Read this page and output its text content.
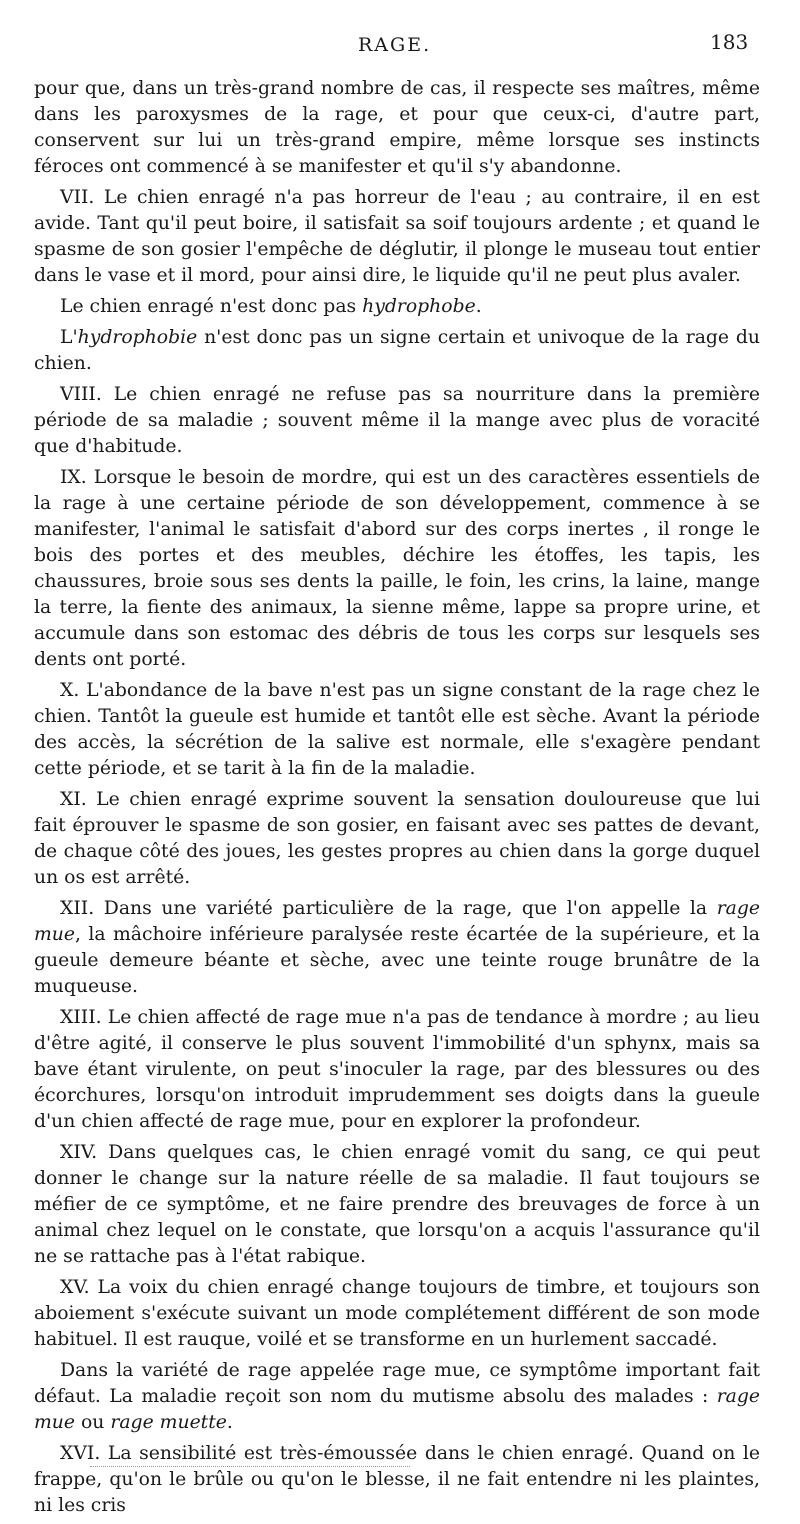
RAGE.	183

pour que, dans un très-grand nombre de cas, il respecte ses maîtres, même dans les paroxysmes de la rage, et pour que ceux-ci, d'autre part, conservent sur lui un très-grand empire, même lorsque ses instincts féroces ont commencé à se manifester et qu'il s'y abandonne.

VII. Le chien enragé n'a pas horreur de l'eau ; au contraire, il en est avide. Tant qu'il peut boire, il satisfait sa soif toujours ardente ; et quand le spasme de son gosier l'empêche de déglutir, il plonge le museau tout entier dans le vase et il mord, pour ainsi dire, le liquide qu'il ne peut plus avaler.

Le chien enragé n'est donc pas hydrophobe.

L'hydrophobie n'est donc pas un signe certain et univoque de la rage du chien.

VIII. Le chien enragé ne refuse pas sa nourriture dans la première période de sa maladie ; souvent même il la mange avec plus de voracité que d'habitude.

IX. Lorsque le besoin de mordre, qui est un des caractères essentiels de la rage à une certaine période de son développement, commence à se manifester, l'animal le satisfait d'abord sur des corps inertes , il ronge le bois des portes et des meubles, déchire les étoffes, les tapis, les chaussures, broie sous ses dents la paille, le foin, les crins, la laine, mange la terre, la fiente des animaux, la sienne même, lappe sa propre urine, et accumule dans son estomac des débris de tous les corps sur lesquels ses dents ont porté.

X. L'abondance de la bave n'est pas un signe constant de la rage chez le chien. Tantôt la gueule est humide et tantôt elle est sèche. Avant la période des accès, la sécrétion de la salive est normale, elle s'exagère pendant cette période, et se tarit à la fin de la maladie.

XI. Le chien enragé exprime souvent la sensation douloureuse que lui fait éprouver le spasme de son gosier, en faisant avec ses pattes de devant, de chaque côté des joues, les gestes propres au chien dans la gorge duquel un os est arrêté.

XII. Dans une variété particulière de la rage, que l'on appelle la rage mue, la mâchoire inférieure paralysée reste écartée de la supérieure, et la gueule demeure béante et sèche, avec une teinte rouge brunâtre de la muqueuse.

XIII. Le chien affecté de rage mue n'a pas de tendance à mordre ; au lieu d'être agité, il conserve le plus souvent l'immobilité d'un sphynx, mais sa bave étant virulente, on peut s'inoculer la rage, par des blessures ou des écorchures, lorsqu'on introduit imprudemment ses doigts dans la gueule d'un chien affecté de rage mue, pour en explorer la profondeur.

XIV. Dans quelques cas, le chien enragé vomit du sang, ce qui peut donner le change sur la nature réelle de sa maladie. Il faut toujours se méfier de ce symptôme, et ne faire prendre des breuvages de force à un animal chez lequel on le constate, que lorsqu'on a acquis l'assurance qu'il ne se rattache pas à l'état rabique.

XV. La voix du chien enragé change toujours de timbre, et toujours son aboiement s'exécute suivant un mode complétement différent de son mode habituel. Il est rauque, voilé et se transforme en un hurlement saccadé.

Dans la variété de rage appelée rage mue, ce symptôme important fait défaut. La maladie reçoit son nom du mutisme absolu des malades : rage mue ou rage muette.

XVI. La sensibilité est très-émoussée dans le chien enragé. Quand on le frappe, qu'on le brûle ou qu'on le blesse, il ne fait entendre ni les plaintes, ni les cris
